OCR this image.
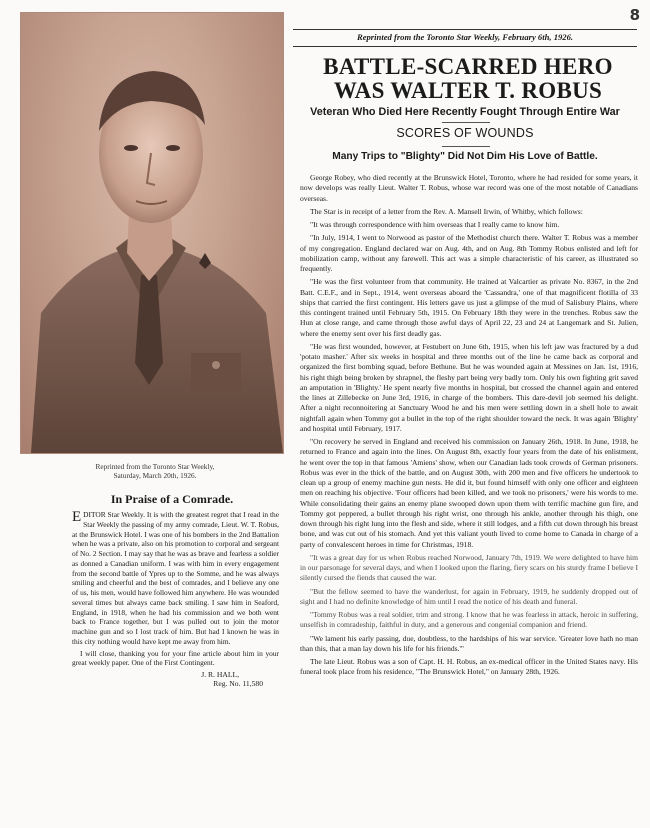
8
Reprinted from the Toronto Star Weekly,
Saturday, March 20th, 1926.
In Praise of a Comrade.

EDITOR Star Weekly. It is with the greatest regret that I read in the Star Weekly the passing of my army comrade, Lieut. W. T. Robus, at the Brunswick Hotel. I was one of his bombers in the 2nd Battalion when he was a private, also on his promotion to corporal and sergeant of No. 2 Section. I may say that he was as brave and fearless a soldier as donned a Canadian uniform. I was with him in every engagement from the second battle of Ypres up to the Somme, and he was always smiling and cheerful and the best of comrades, and I believe any one of us, his men, would have followed him anywhere. He was wounded several times but always came back smiling. I saw him in Seaford, England, in 1918, when he had his commission and we both went back to France together, but I was pulled out to join the motor machine gun and so I lost track of him. But had I known he was in this city nothing would have kept me away from him.

I will close, thanking you for your fine article about him in your great weekly paper. One of the First Contingent.

J. R. HALL,
Reg. No. 11,580
Reprinted from the Toronto Star Weekly, February 6th, 1926.
BATTLE-SCARRED HERO
WAS WALTER T. ROBUS
Veteran Who Died Here Recently Fought Through Entire War
SCORES OF WOUNDS
Many Trips to "Blighty" Did Not Dim His Love of Battle.

George Robey, who died recently at the Brunswick Hotel, Toronto, where he had resided for some years, it now develops was really Lieut. Walter T. Robus, whose war record was one of the most notable of Canadians overseas.

The Star is in receipt of a letter from the Rev. A. Mansell Irwin, of Whitby, which follows:

"It was through correspondence with him overseas that I really came to know him.

"In July, 1914, I went to Norwood as pastor of the Methodist church there. Walter T. Robus was a member of my congregation. England declared war on Aug. 4th, and on Aug. 8th Tommy Robus enlisted and left for mobilization camp, without any farewell. This act was a simple characteristic of his career, as illustrated so frequently.

"He was the first volunteer from that community. He trained at Valcartier as private No. 8367, in the 2nd Batt. C.E.F., and in Sept., 1914, went overseas aboard the 'Cassandra,' one of that magnificent flotilla of 33 ships that carried the first contingent. His letters gave us just a glimpse of the mud of Salisbury Plains, where this contingent trained until February 5th, 1915. On February 18th they were in the trenches. Robus saw the Hun at close range, and came through those awful days of April 22, 23 and 24 at Langemark and St. Julien, where the enemy sent over his first deadly gas.

"He was first wounded, however, at Festubert on June 6th, 1915, when his left jaw was fractured by a dud 'potato masher.' After six weeks in hospital and three months out of the line he came back as corporal and organized the first bombing squad, before Bethune. But he was wounded again at Messines on Jan. 1st, 1916, his right thigh being broken by shrapnel, the fleshy part being very badly torn. Only his own fighting grit saved an amputation in 'Blighty.' He spent nearly five months in hospital, but crossed the channel again and entered the lines at Zillebecke on June 3rd, 1916, in charge of the bombers. This dare-devil job seemed his delight. After a night reconnoitering at Sanctuary Wood he and his men were settling down in a shell hole to await nightfall again when Tommy got a bullet in the top of the right shoulder toward the neck. It was again 'Blighty' and hospital until February, 1917.

"On recovery he served in England and received his commission on January 26th, 1918. In June, 1918, he returned to France and again into the lines. On August 8th, exactly four years from the date of his enlistment, he went over the top in that famous 'Amiens' show, when our Canadian lads took crowds of German prisoners. Robus was ever in the thick of the battle, and on August 30th, with 200 men and five officers he undertook to clean up a group of enemy machine gun nests. He did it, but found himself with only one officer and eighteen men on reaching his objective. 'Four officers had been killed, and we took no prisoners,' were his words to me. While consolidating their gains an enemy plane swooped down upon them with terrific machine gun fire, and Tommy got peppered, a bullet through his right wrist, one through his ankle, another through his thigh, one down through his right lung into the flesh and side, where it still lodges, and a fifth cut down through his breast bone, and was cut out of his stomach. And yet this valiant youth lived to come home to Canada in charge of a party of convalescent heroes in time for Christmas, 1918.

"It was a great day for us when Robus reached Norwood, January 7th, 1919. We were delighted to have him in our parsonage for several days, and when I looked upon the flaring, fiery scars on his sturdy frame I believe I silently cursed the fiends that caused the war.

"But the fellow seemed to have the wanderlust, for again in February, 1919, he suddenly dropped out of sight and I had no definite knowledge of him until I read the notice of his death and funeral.

"Tommy Robus was a real soldier, trim and strong. I know that he was fearless in attack, heroic in suffering, unselfish in comradeship, faithful in duty, and a generous and congenial companion and friend.

"We lament his early passing, due, doubtless, to the hardships of his war service. 'Greater love hath no man than this, that a man lay down his life for his friends.'"

The late Lieut. Robus was a son of Capt. H. H. Robus, an ex-medical officer in the United States navy. His funeral took place from his residence, "The Brunswick Hotel," on January 28th, 1926.
